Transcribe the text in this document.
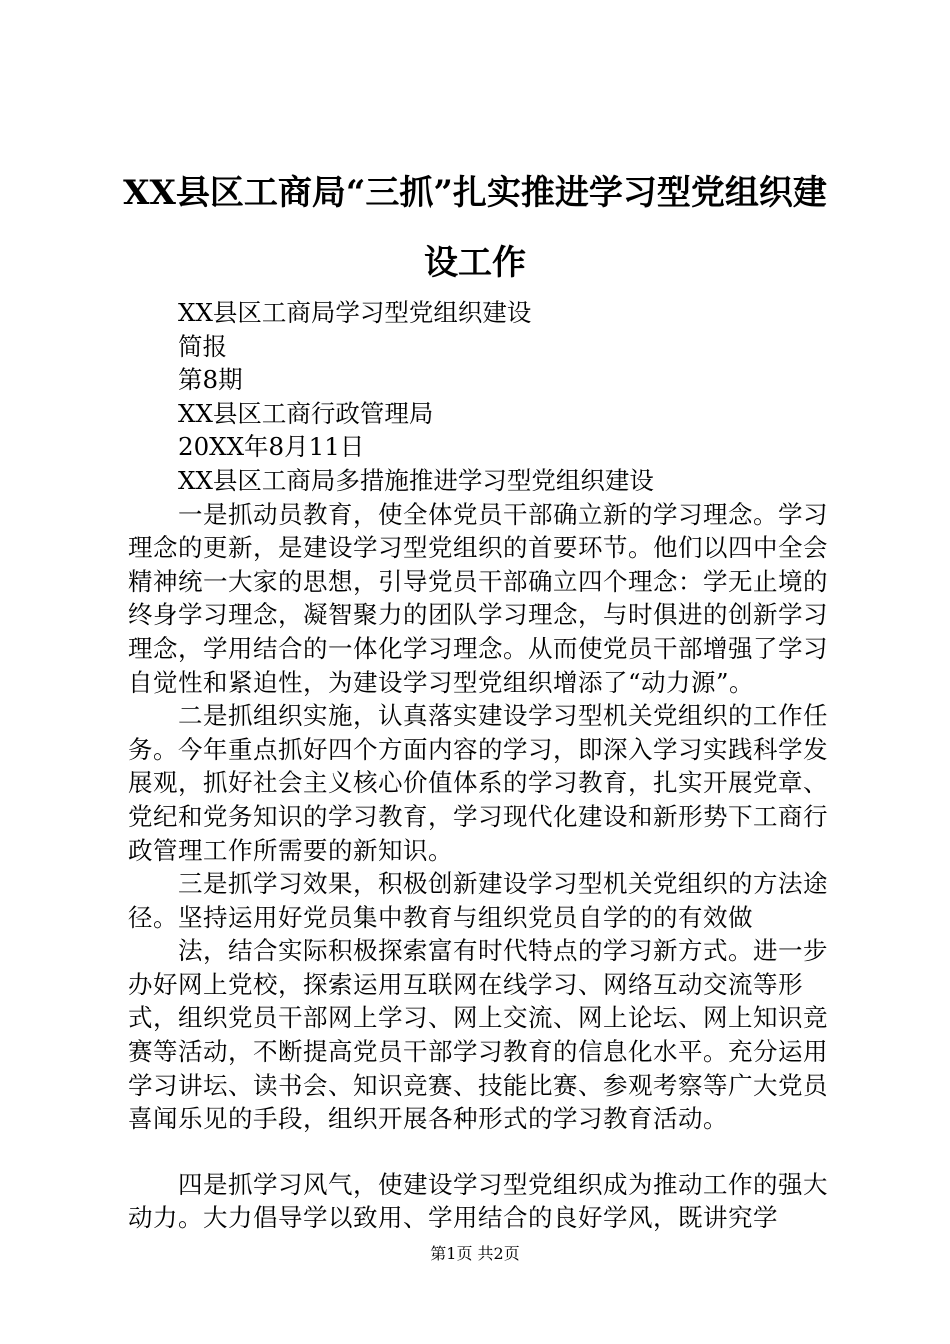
XX县区工商局“三抓”扎实推进学习型党组织建设工作

XX县区工商局学习型党组织建设

简报

第8期

XX县区工商行政管理局

20XX年8月11日

XX县区工商局多措施推进学习型党组织建设

一是抓动员教育，使全体党员干部确立新的学习理念。学习理念的更新，是建设学习型党组织的首要环节。他们以四中全会精神统一大家的思想，引导党员干部确立四个理念：学无止境的终身学习理念，凝智聚力的团队学习理念，与时俱进的创新学习理念，学用结合的一体化学习理念。从而使党员干部增强了学习自觉性和紧迫性，为建设学习型党组织增添了“动力源”。

二是抓组织实施，认真落实建设学习型机关党组织的工作任务。今年重点抓好四个方面内容的学习，即深入学习实践科学发展观，抓好社会主义核心价值体系的学习教育，扎实开展党章、党纪和党务知识的学习教育，学习现代化建设和新形势下工商行政管理工作所需要的新知识。

三是抓学习效果，积极创新建设学习型机关党组织的方法途径。坚持运用好党员集中教育与组织党员自学的的有效做

法，结合实际积极探索富有时代特点的学习新方式。进一步办好网上党校，探索运用互联网在线学习、网络互动交流等形式，组织党员干部网上学习、网上交流、网上论坛、网上知识竞赛等活动，不断提高党员干部学习教育的信息化水平。充分运用学习讲坛、读书会、知识竞赛、技能比赛、参观考察等广大党员喜闻乐见的手段，组织开展各种形式的学习教育活动。

四是抓学习风气，使建设学习型党组织成为推动工作的强大动力。大力倡导学以致用、学用结合的良好学风，既讲究学

第1页 共2页
